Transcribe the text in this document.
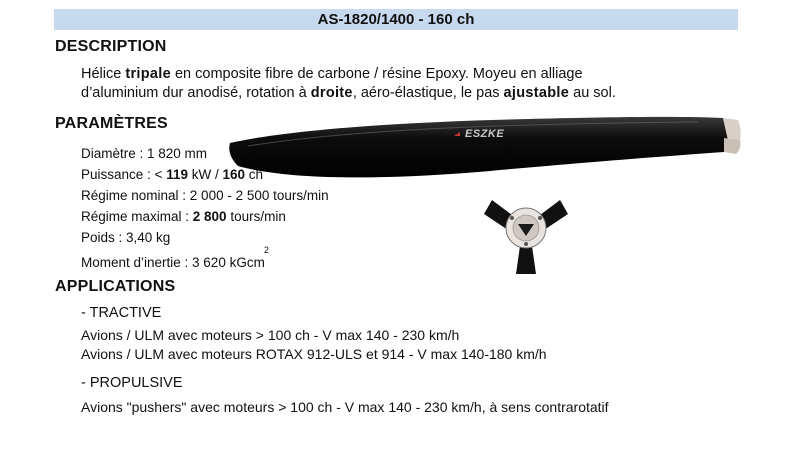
AS-1820/1400 - 160 ch
DESCRIPTION
Hélice tripale en composite fibre de carbone / résine Epoxy. Moyeu en alliage
d’aluminium dur anodisé, rotation à droite, aéro-élastique, le pas ajustable au sol.
PARAMÈTRES
Diamètre : 1 820 mm
Puissance : < 119 kW / 160 ch
Régime nominal : 2 000 - 2 500 tours/min
Régime maximal : 2 800 tours/min
Poids : 3,40 kg
Moment d’inertie : 3 620 kGcm$^2$
ESZKE
APPLICATIONS
- TRACTIVE
Avions / ULM avec moteurs > 100 ch - V max 140 - 230 km/h
Avions / ULM avec moteurs ROTAX 912-ULS et 914 - V max 140-180 km/h
- PROPULSIVE
Avions "pushers" avec moteurs > 100 ch - V max 140 - 230 km/h, à sens contrarotatif
